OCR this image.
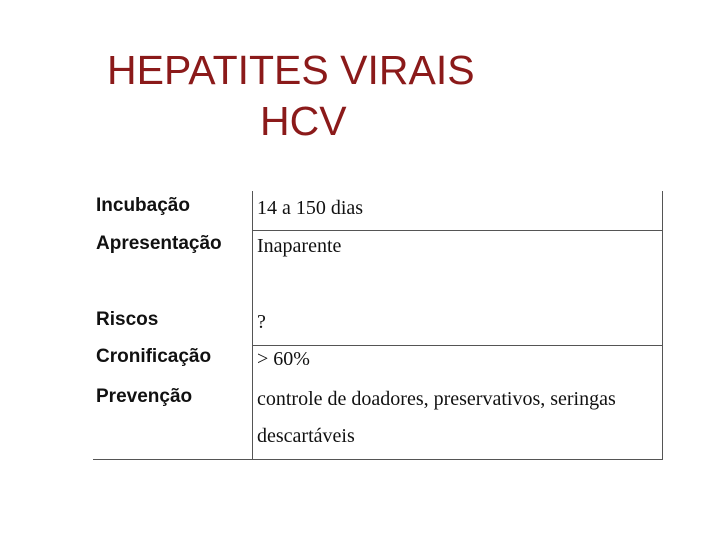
HEPATITES VIRAIS
HCV
Incubação	14 a 150 dias
Apresentação Inaparente
Riscos	?
Cronificação > 60%
Prevenção	controle de doadores, preservativos, seringas
descartáveis
